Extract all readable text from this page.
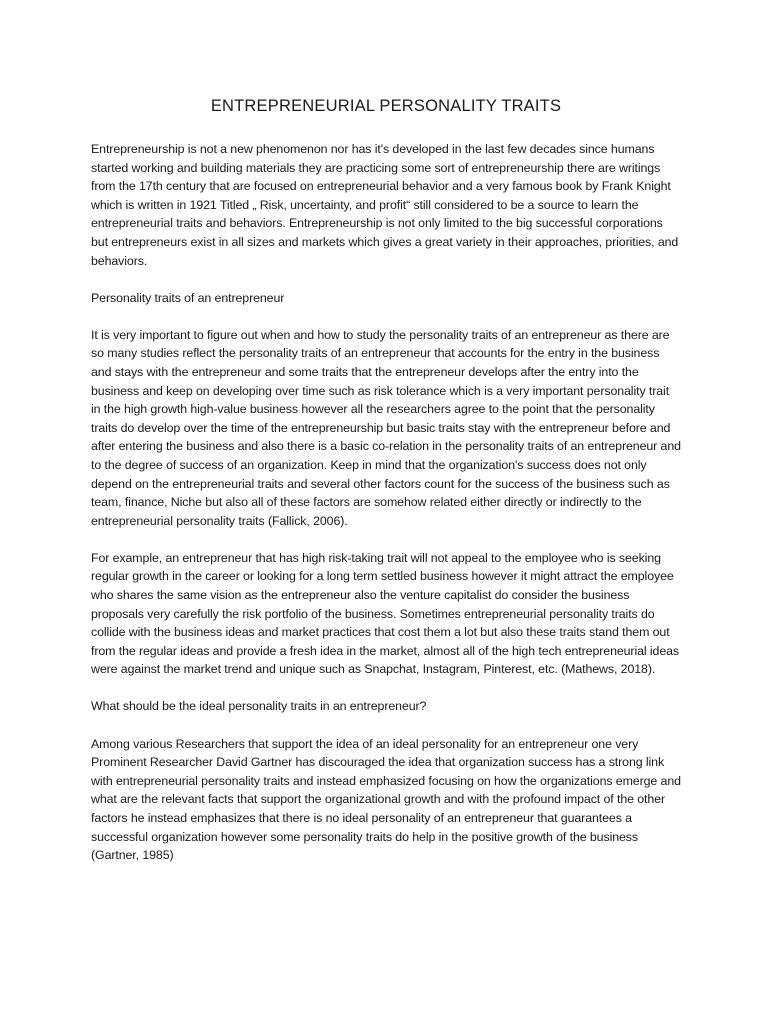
ENTREPRENEURIAL PERSONALITY TRAITS

Entrepreneurship is not a new phenomenon nor has it's developed in the last few decades since humans started working and building materials they are practicing some sort of entrepreneurship there are writings from the 17th century that are focused on entrepreneurial behavior and a very famous book by Frank Knight which is written in 1921 Titled „ Risk, uncertainty, and profit“ still considered to be a source to learn the entrepreneurial traits and behaviors. Entrepreneurship is not only limited to the big successful corporations but entrepreneurs exist in all sizes and markets which gives a great variety in their approaches, priorities, and behaviors.

Personality traits of an entrepreneur

It is very important to figure out when and how to study the personality traits of an entrepreneur as there are so many studies reflect the personality traits of an entrepreneur that accounts for the entry in the business and stays with the entrepreneur and some traits that the entrepreneur develops after the entry into the business and keep on developing over time such as risk tolerance which is a very important personality trait in the high growth high-value business however all the researchers agree to the point that the personality traits do develop over the time of the entrepreneurship but basic traits stay with the entrepreneur before and after entering the business and also there is a basic co-relation in the personality traits of an entrepreneur and to the degree of success of an organization. Keep in mind that the organization's success does not only depend on the entrepreneurial traits and several other factors count for the success of the business such as team, finance, Niche but also all of these factors are somehow related either directly or indirectly to the entrepreneurial personality traits (Fallick, 2006).

For example, an entrepreneur that has high risk-taking trait will not appeal to the employee who is seeking regular growth in the career or looking for a long term settled business however it might attract the employee who shares the same vision as the entrepreneur also the venture capitalist do consider the business proposals very carefully the risk portfolio of the business. Sometimes entrepreneurial personality traits do collide with the business ideas and market practices that cost them a lot but also these traits stand them out from the regular ideas and provide a fresh idea in the market, almost all of the high tech entrepreneurial ideas were against the market trend and unique such as Snapchat, Instagram, Pinterest, etc. (Mathews, 2018).

What should be the ideal personality traits in an entrepreneur?

Among various Researchers that support the idea of an ideal personality for an entrepreneur one very Prominent Researcher David Gartner has discouraged the idea that organization success has a strong link with entrepreneurial personality traits and instead emphasized focusing on how the organizations emerge and what are the relevant facts that support the organizational growth and with the profound impact of the other factors he instead emphasizes that there is no ideal personality of an entrepreneur that guarantees a successful organization however some personality traits do help in the positive growth of the business (Gartner, 1985)
